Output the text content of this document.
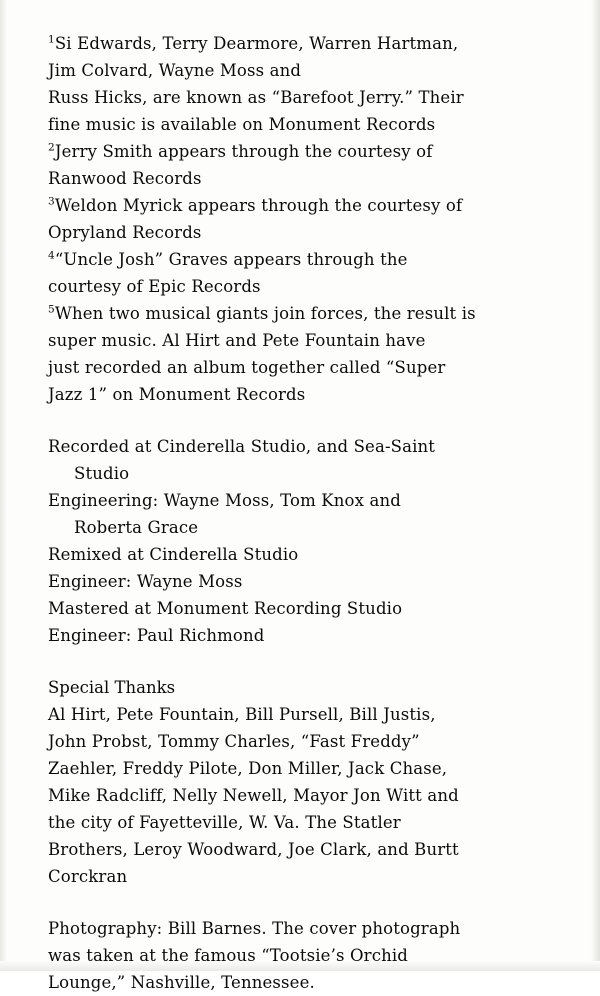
$^1$Si Edwards, Terry Dearmore, Warren Hartman,
Jim Colvard, Wayne Moss and
Russ Hicks, are known as “Barefoot Jerry.” Their
fine music is available on Monument Records
$^2$Jerry Smith appears through the courtesy of
Ranwood Records
$^3$Weldon Myrick appears through the courtesy of
Opryland Records
$^4$“Uncle Josh” Graves appears through the
courtesy of Epic Records
$^5$When two musical giants join forces, the result is
super music. Al Hirt and Pete Fountain have
just recorded an album together called “Super
Jazz 1” on Monument Records
Recorded at Cinderella Studio, and Sea-Saint
Studio
Engineering: Wayne Moss, Tom Knox and
Roberta Grace
Remixed at Cinderella Studio
Engineer: Wayne Moss
Mastered at Monument Recording Studio
Engineer: Paul Richmond
Special Thanks
Al Hirt, Pete Fountain, Bill Pursell, Bill Justis,
John Probst, Tommy Charles, “Fast Freddy”
Zaehler, Freddy Pilote, Don Miller, Jack Chase,
Mike Radcliff, Nelly Newell, Mayor Jon Witt and
the city of Fayetteville, W. Va. The Statler
Brothers, Leroy Woodward, Joe Clark, and Burtt
Corckran
Photography: Bill Barnes. The cover photograph
was taken at the famous “Tootsie’s Orchid
Lounge,” Nashville, Tennessee.
